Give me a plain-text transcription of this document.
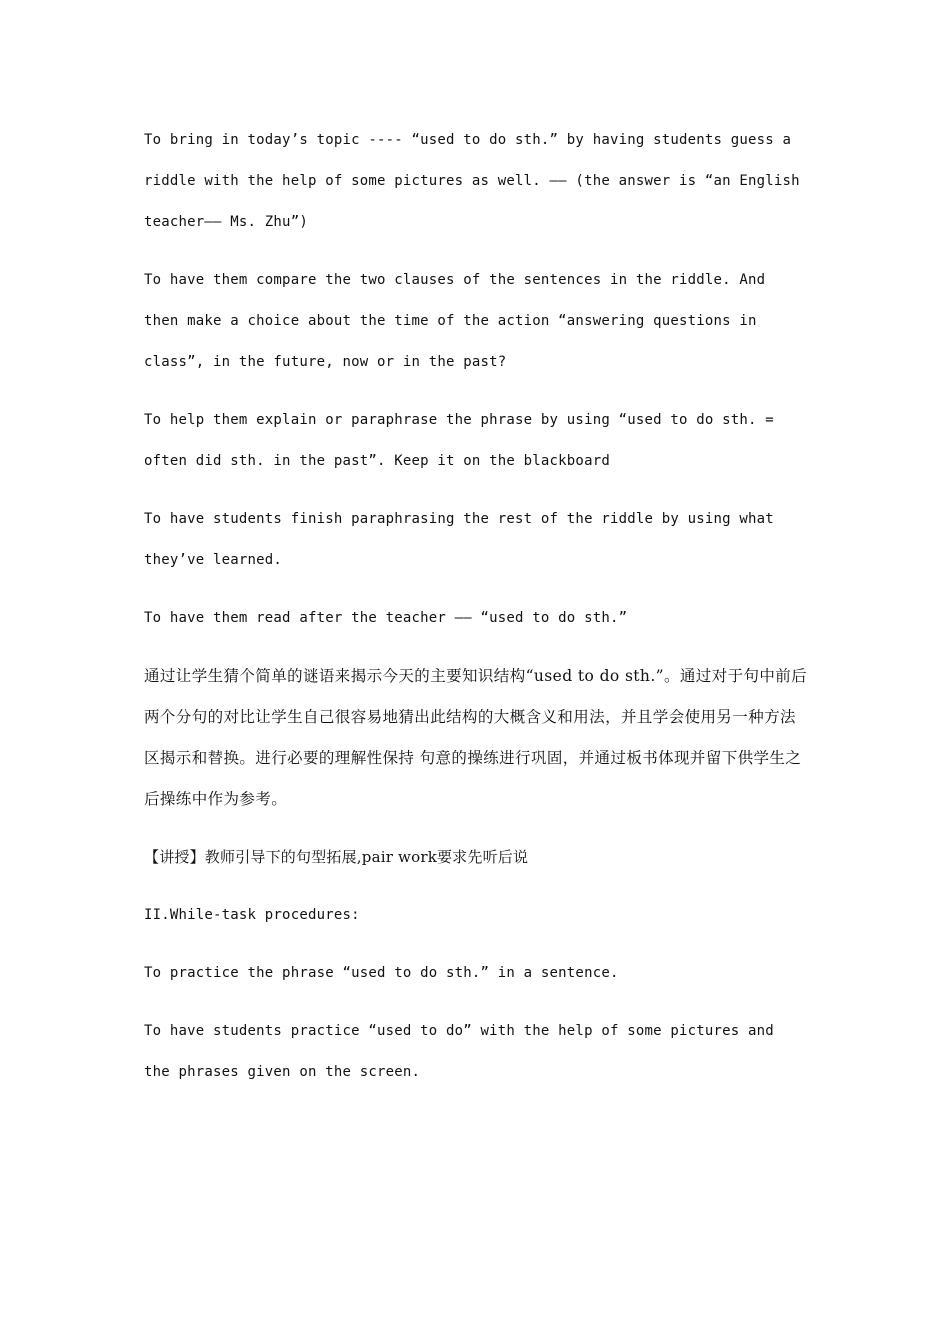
To bring in today’s topic ---- “used to do sth.” by having students guess a riddle with the help of some pictures as well. —— (the answer is “an English teacher—— Ms. Zhu”)

To have them compare the two clauses of the sentences in the riddle. And then make a choice about the time of the action “answering questions in class”, in the future, now or in the past?

To help them explain or paraphrase the phrase by using “used to do sth. = often did sth. in the past”. Keep it on the blackboard

To have students finish paraphrasing the rest of the riddle by using what they’ve learned.

To have them read after the teacher —— “used to do sth.”

通过让学生猜个简单的谜语来揭示今天的主要知识结构“used to do sth.”。通过对于句中前后两个分句的对比让学生自己很容易地猜出此结构的大概含义和用法，并且学会使用另一种方法区揭示和替换。进行必要的理解性保持 句意的操练进行巩固，并通过板书体现并留下供学生之后操练中作为参考。

【讲授】教师引导下的句型拓展,pair work要求先听后说

II.While-task procedures:

To practice the phrase “used to do sth.” in a sentence.

To have students practice “used to do” with the help of some pictures and the phrases given on the screen.
